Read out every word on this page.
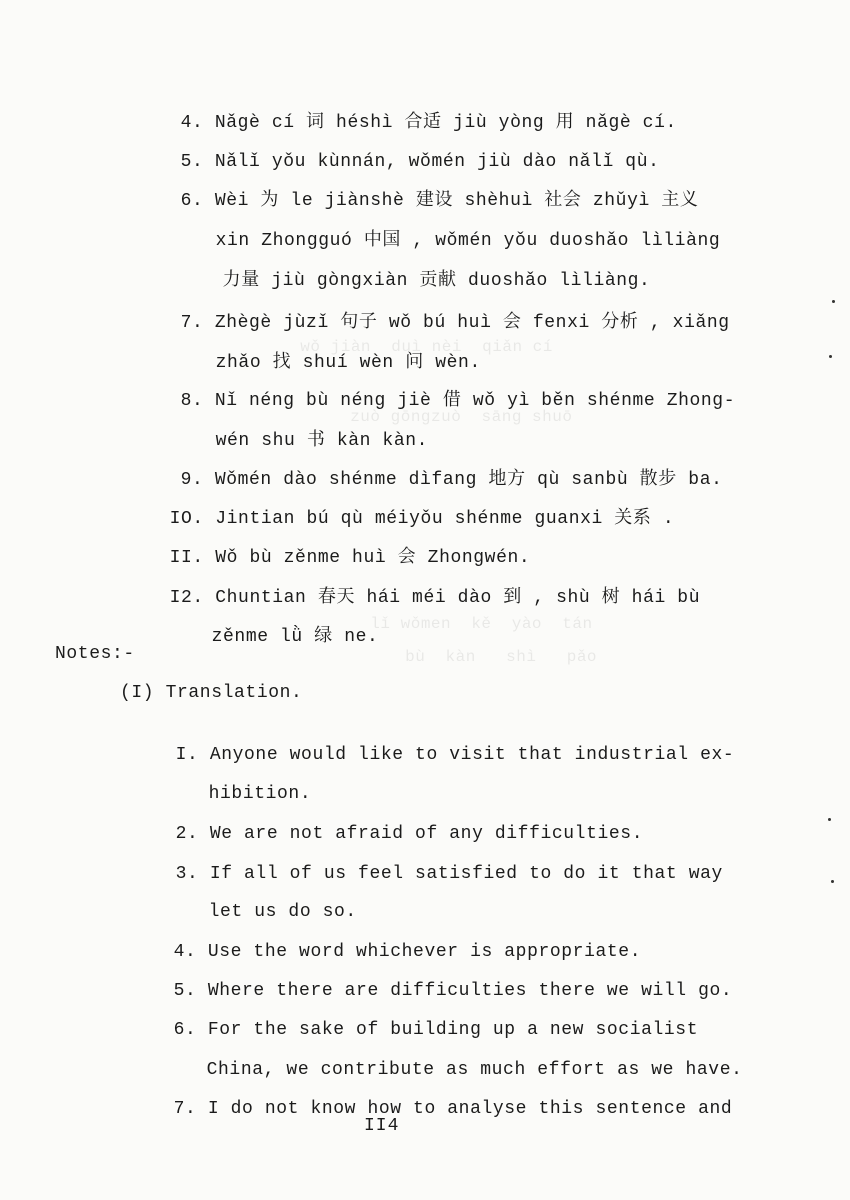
wǒ jiàn  duì nèi  qiǎn cí
zuò gōngzuò  sāng shuō
lǐ wǒmen  kě  yào  tán
bù  kàn   shì   pǎo

4. Nǎgè cí 词 héshì 合适 jiù yòng 用 nǎgè cí.

5. Nǎlǐ yǒu kùnnán, wǒmén jiù dào nǎlǐ qù.

6. Wèi 为 le jiànshè 建设 shèhuì 社会 zhǔyì 主义

xin Zhongguó 中国 , wǒmén yǒu duoshǎo lìliàng

力量 jiù gòngxiàn 贡献 duoshǎo lìliàng.

7. Zhègè jùzǐ 句子 wǒ bú huì 会 fenxi 分析 , xiǎng

zhǎo 找 shuí wèn 问 wèn.

8. Nǐ néng bù néng jiè 借 wǒ yì běn shénme Zhong-

wén shu 书 kàn kàn.

9. Wǒmén dào shénme dìfang 地方 qù sanbù 散步 ba.

IO. Jintian bú qù méiyǒu shénme guanxi 关系 .

II. Wǒ bù zěnme huì 会 Zhongwén.

I2. Chuntian 春天 hái méi dào 到 , shù 树 hái bù

zěnme lǜ 绿 ne.

Notes:-
(I) Translation.

I. Anyone would like to visit that industrial ex-

hibition.

2. We are not afraid of any difficulties.

3. If all of us feel satisfied to do it that way

let us do so.

4. Use the word whichever is appropriate.

5. Where there are difficulties there we will go.

6. For the sake of building up a new socialist

China, we contribute as much effort as we have.

7. I do not know how to analyse this sentence and

II4
